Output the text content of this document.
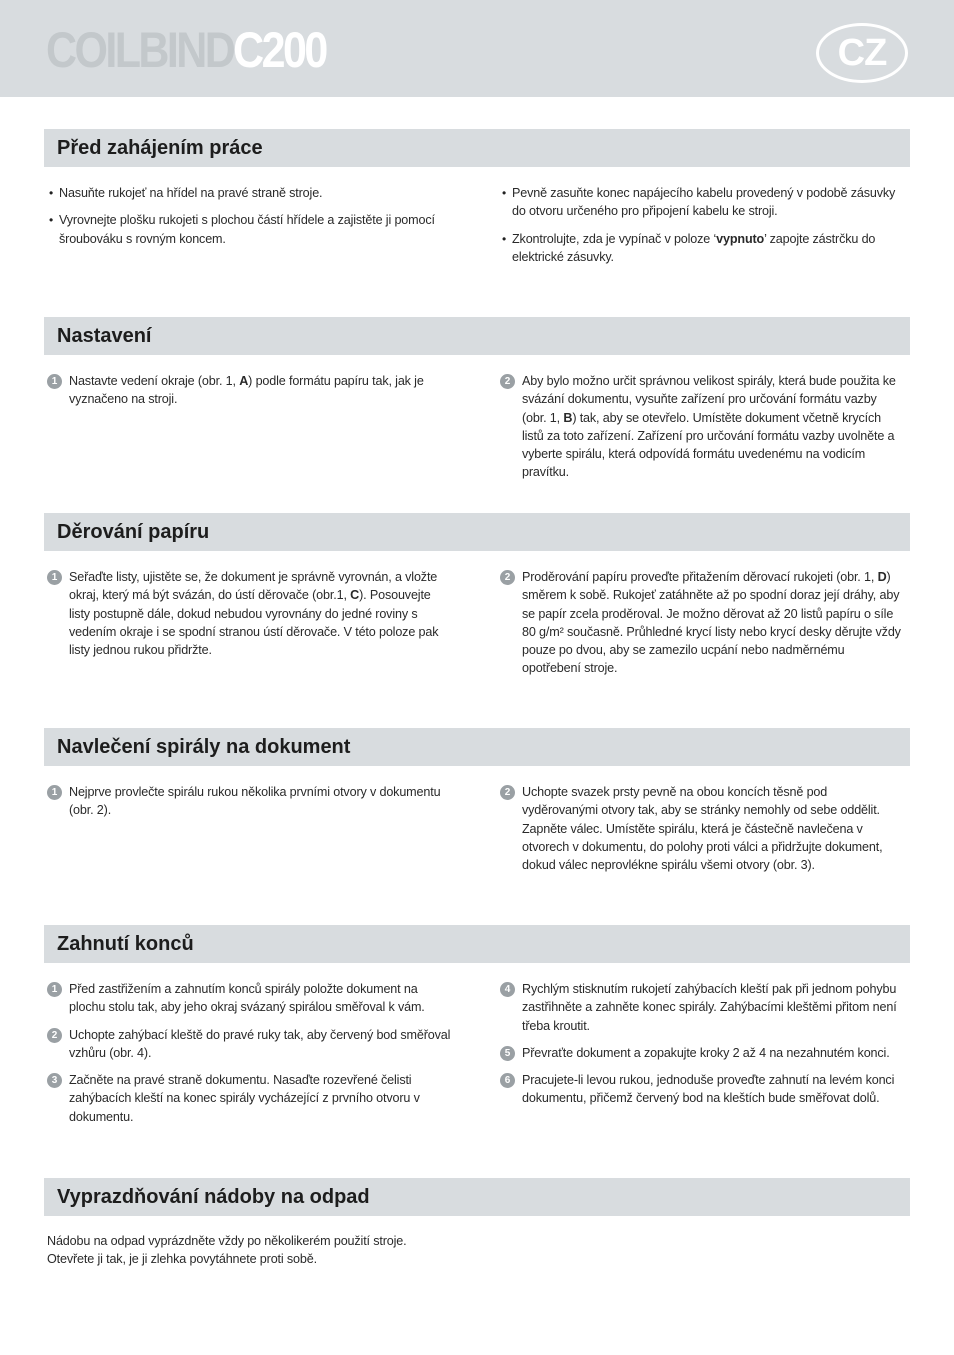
COILBINDC200	CZ
Před zahájením práce
• Nasuňte rukojeť na hřídel na pravé straně stroje.
• Vyrovnejte plošku rukojeti s plochou částí hřídele a zajistěte ji pomocí šroubováku s rovným koncem.
• Pevně zasuňte konec napájecího kabelu provedený v podobě zásuvky do otvoru určeného pro připojení kabelu ke stroji.
• Zkontrolujte, zda je vypínač v poloze ‘vypnuto’ zapojte zástrčku do elektrické zásuvky.
Nastavení
1 Nastavte vedení okraje (obr. 1, A) podle formátu papíru tak, jak je vyznačeno na stroji.
2 Aby bylo možno určit správnou velikost spirály, která bude použita ke svázání dokumentu, vysuňte zařízení pro určování formátu vazby (obr. 1, B) tak, aby se otevřelo. Umístěte dokument včetně krycích listů za toto zařízení. Zařízení pro určování formátu vazby uvolněte a vyberte spirálu, která odpovídá formátu uvedenému na vodicím pravítku.
Děrování papíru
1 Seřaďte listy, ujistěte se, že dokument je správně vyrovnán, a vložte okraj, který má být svázán, do ústí děrovače (obr.1, C). Posouvejte listy postupně dále, dokud nebudou vyrovnány do jedné roviny s vedením okraje i se spodní stranou ústí děrovače. V této poloze pak listy jednou rukou přidržte.
2 Proděrování papíru proveďte přitažením děrovací rukojeti (obr. 1, D) směrem k sobě. Rukojeť zatáhněte až po spodní doraz její dráhy, aby se papír zcela proděroval. Je možno děrovat až 20 listů papíru o síle 80 g/m² současně. Průhledné krycí listy nebo krycí desky děrujte vždy pouze po dvou, aby se zamezilo ucpání nebo nadměrnému opotřebení stroje.
Navlečení spirály na dokument
1 Nejprve provlečte spirálu rukou několika prvními otvory v dokumentu (obr. 2).
2 Uchopte svazek prsty pevně na obou koncích těsně pod vyděrovanými otvory tak, aby se stránky nemohly od sebe oddělit. Zapněte válec. Umístěte spirálu, která je částečně navlečena v otvorech v dokumentu, do polohy proti válci a přidržujte dokument, dokud válec neprovlékne spirálu všemi otvory (obr. 3).
Zahnutí konců
1 Před zastřižením a zahnutím konců spirály položte dokument na plochu stolu tak, aby jeho okraj svázaný spirálou směřoval k vám.
2 Uchopte zahýbací kleště do pravé ruky tak, aby červený bod směřoval vzhůru (obr. 4).
3 Začněte na pravé straně dokumentu. Nasaďte rozevřené čelisti zahýbacích kleští na konec spirály vycházející z prvního otvoru v dokumentu.
4 Rychlým stisknutím rukojetí zahýbacích kleští pak při jednom pohybu zastřihněte a zahněte konec spirály. Zahýbacími kleštěmi přitom není třeba kroutit.
5 Převraťte dokument a zopakujte kroky 2 až 4 na nezahnutém konci.
6 Pracujete-li levou rukou, jednoduše proveďte zahnutí na levém konci dokumentu, přičemž červený bod na kleštích bude směřovat dolů.
Vyprazdňování nádoby na odpad

Nádobu na odpad vyprázdněte vždy po několikerém použití stroje.

Otevřete ji tak, je ji zlehka povytáhnete proti sobě.
